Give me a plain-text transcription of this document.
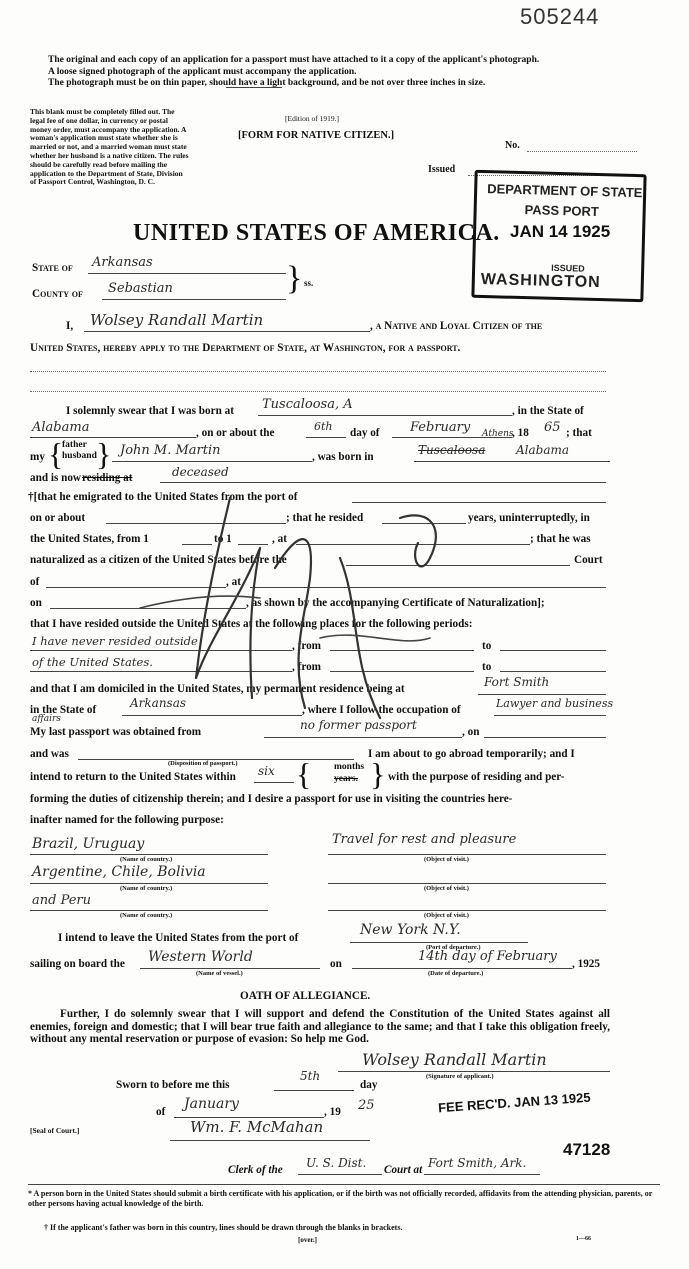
505244
The original and each copy of an application for a passport must have attached to it a copy of the applicant's photograph.
A loose signed photograph of the applicant must accompany the application.
The photograph must be on thin paper, should have a light background, and be not over three inches in size.
This blank must be completely filled out. The legal fee of one dollar, in currency or postal money order, must accompany the application. A woman's application must state whether she is married or not, and a married woman must state whether her husband is a native citizen. The rules should be carefully read before mailing the application to the Department of State, Division of Passport Control, Washington, D. C.
[Edition of 1919.]
[FORM FOR NATIVE CITIZEN.]
No.
Issued
DEPARTMENT OF STATE
PASS PORT
ISSUED
WASHINGTON
JAN 14 1925
UNITED STATES OF AMERICA.
State of Arkansas
County of Sebastian	} ss.
I, Wolsey Randall Martin	, a Native and Loyal Citizen of the
United States, hereby apply to the Department of State, at Washington, for a passport.
I solemnly swear that I was born at Tuscaloosa, A	, in the State of
Alabama	, on or about the	6th day of February	, 18 65 ; that
my {
father
husband } John M. Martin	, was born in	Tuscaloosa
Athens
Alabama
and is now residing at	deceased
†[that he emigrated to the United States from the port of
on or about	; that he resided	years, uninterruptedly, in
the United States, from 1	to 1	, at	; that he was
naturalized as a citizen of the United States before the	Court
of	, at
on	, as shown by the accompanying Certificate of Naturalization];
that I have resided outside the United States at the following places for the following periods:
I have never resided outside	, from	to
of the United States.	, from	to
and that I am domiciled in the United States, my permanent residence being at	Fort Smith
in the State of	Arkansas	, where I follow the occupation of	Lawyer and business
affairs
My last passport was obtained from	no former passport	, on
and was
(Disposition of passport.)
I am about to go abroad temporarily; and I
intend to return to the United States within six { months
years. } with the purpose of residing and per-
forming the duties of citizenship therein; and I desire a passport for use in visiting the countries here-
inafter named for the following purpose:
Brazil, Uruguay
(Name of country.)
Travel for rest and pleasure
(Object of visit.)
Argentine, Chile, Bolivia
(Name of country.)	(Object of visit.)
and Peru
(Name of country.)	(Object of visit.)
I intend to leave the United States from the port of	New York N.Y.
(Port of departure.)
sailing on board the Western World
(Name of vessel.)
on	14th day of February
(Date of departure.)
, 1925
OATH OF ALLEGIANCE.
Further, I do solemnly swear that I will support and defend the Constitution of the United States against all enemies, foreign and domestic; that I will bear true faith and allegiance to the same; and that I take this obligation freely, without any mental reservation or purpose of evasion: So help me God.
Wolsey Randall Martin
(Signature of applicant.)
Sworn to before me this
5th
day
of January	, 19 25
[Seal of Court.]
FEE REC'D. JAN 13 1925
Wm. F. McMahan
47128
Clerk of the U. S. Dist. Court at Fort Smith, Ark.
* A person born in the United States should submit a birth certificate with his application, or if the birth was not officially recorded, affidavits from the attending physician, parents, or other persons having actual knowledge of the birth.
† If the applicant's father was born in this country, lines should be drawn through the blanks in brackets.
[over.]	1—66
